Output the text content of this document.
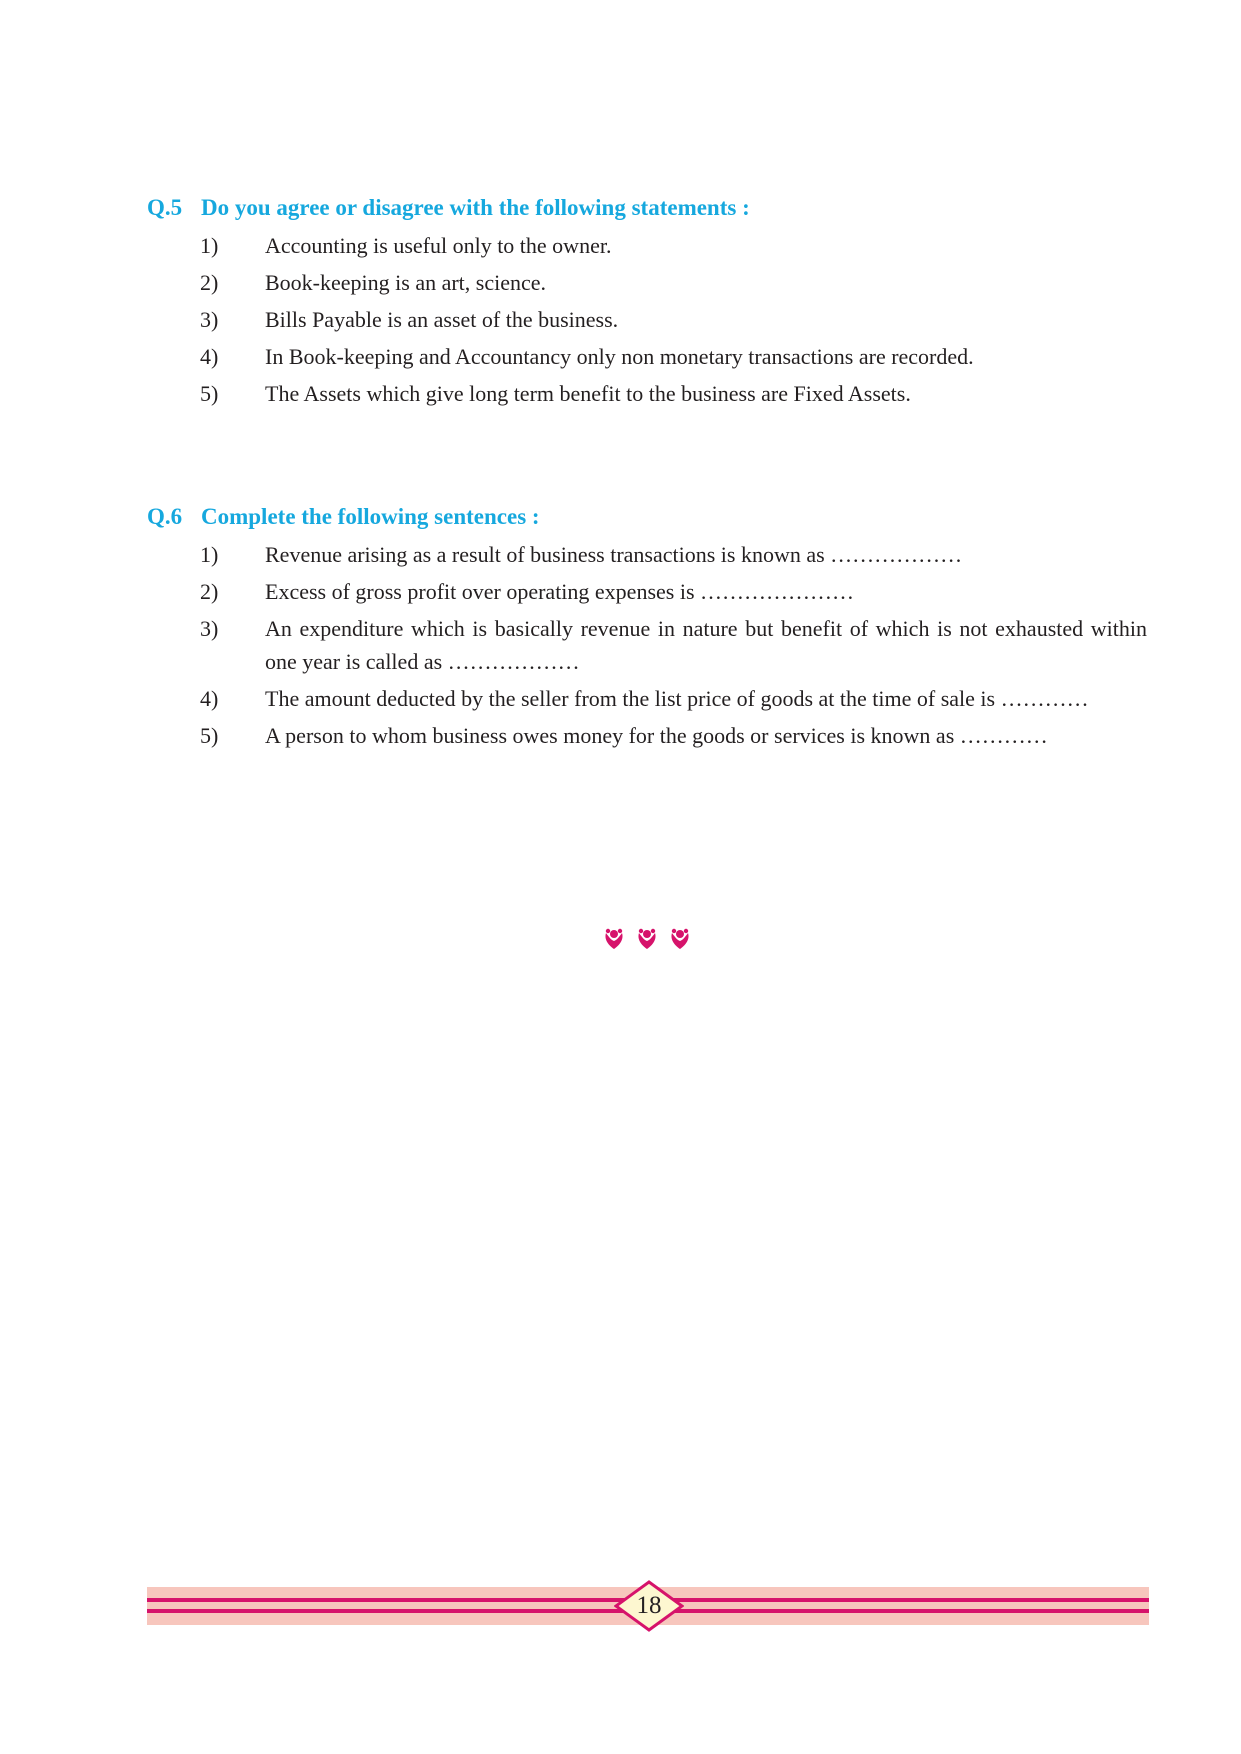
Q.5 Do you agree or disagree with the following statements :

1)	Accounting is useful only to the owner.
2)	Book-keeping is an art, science.
3)	Bills Payable is an asset of the business.
4)	In Book-keeping and Accountancy only non monetary transactions are recorded.
5)	The Assets which give long term benefit to the business are Fixed Assets.

Q.6 Complete the following sentences :

1)	Revenue arising as a result of business transactions is known as ………………
2)	Excess of gross profit over operating expenses is …………………
3)	An expenditure which is basically revenue in nature but benefit of which is not exhausted within one year is called as ………………
4)	The amount deducted by the seller from the list price of goods at the time of sale is …………
5)	A person to whom business owes money for the goods or services is known as …………
18
